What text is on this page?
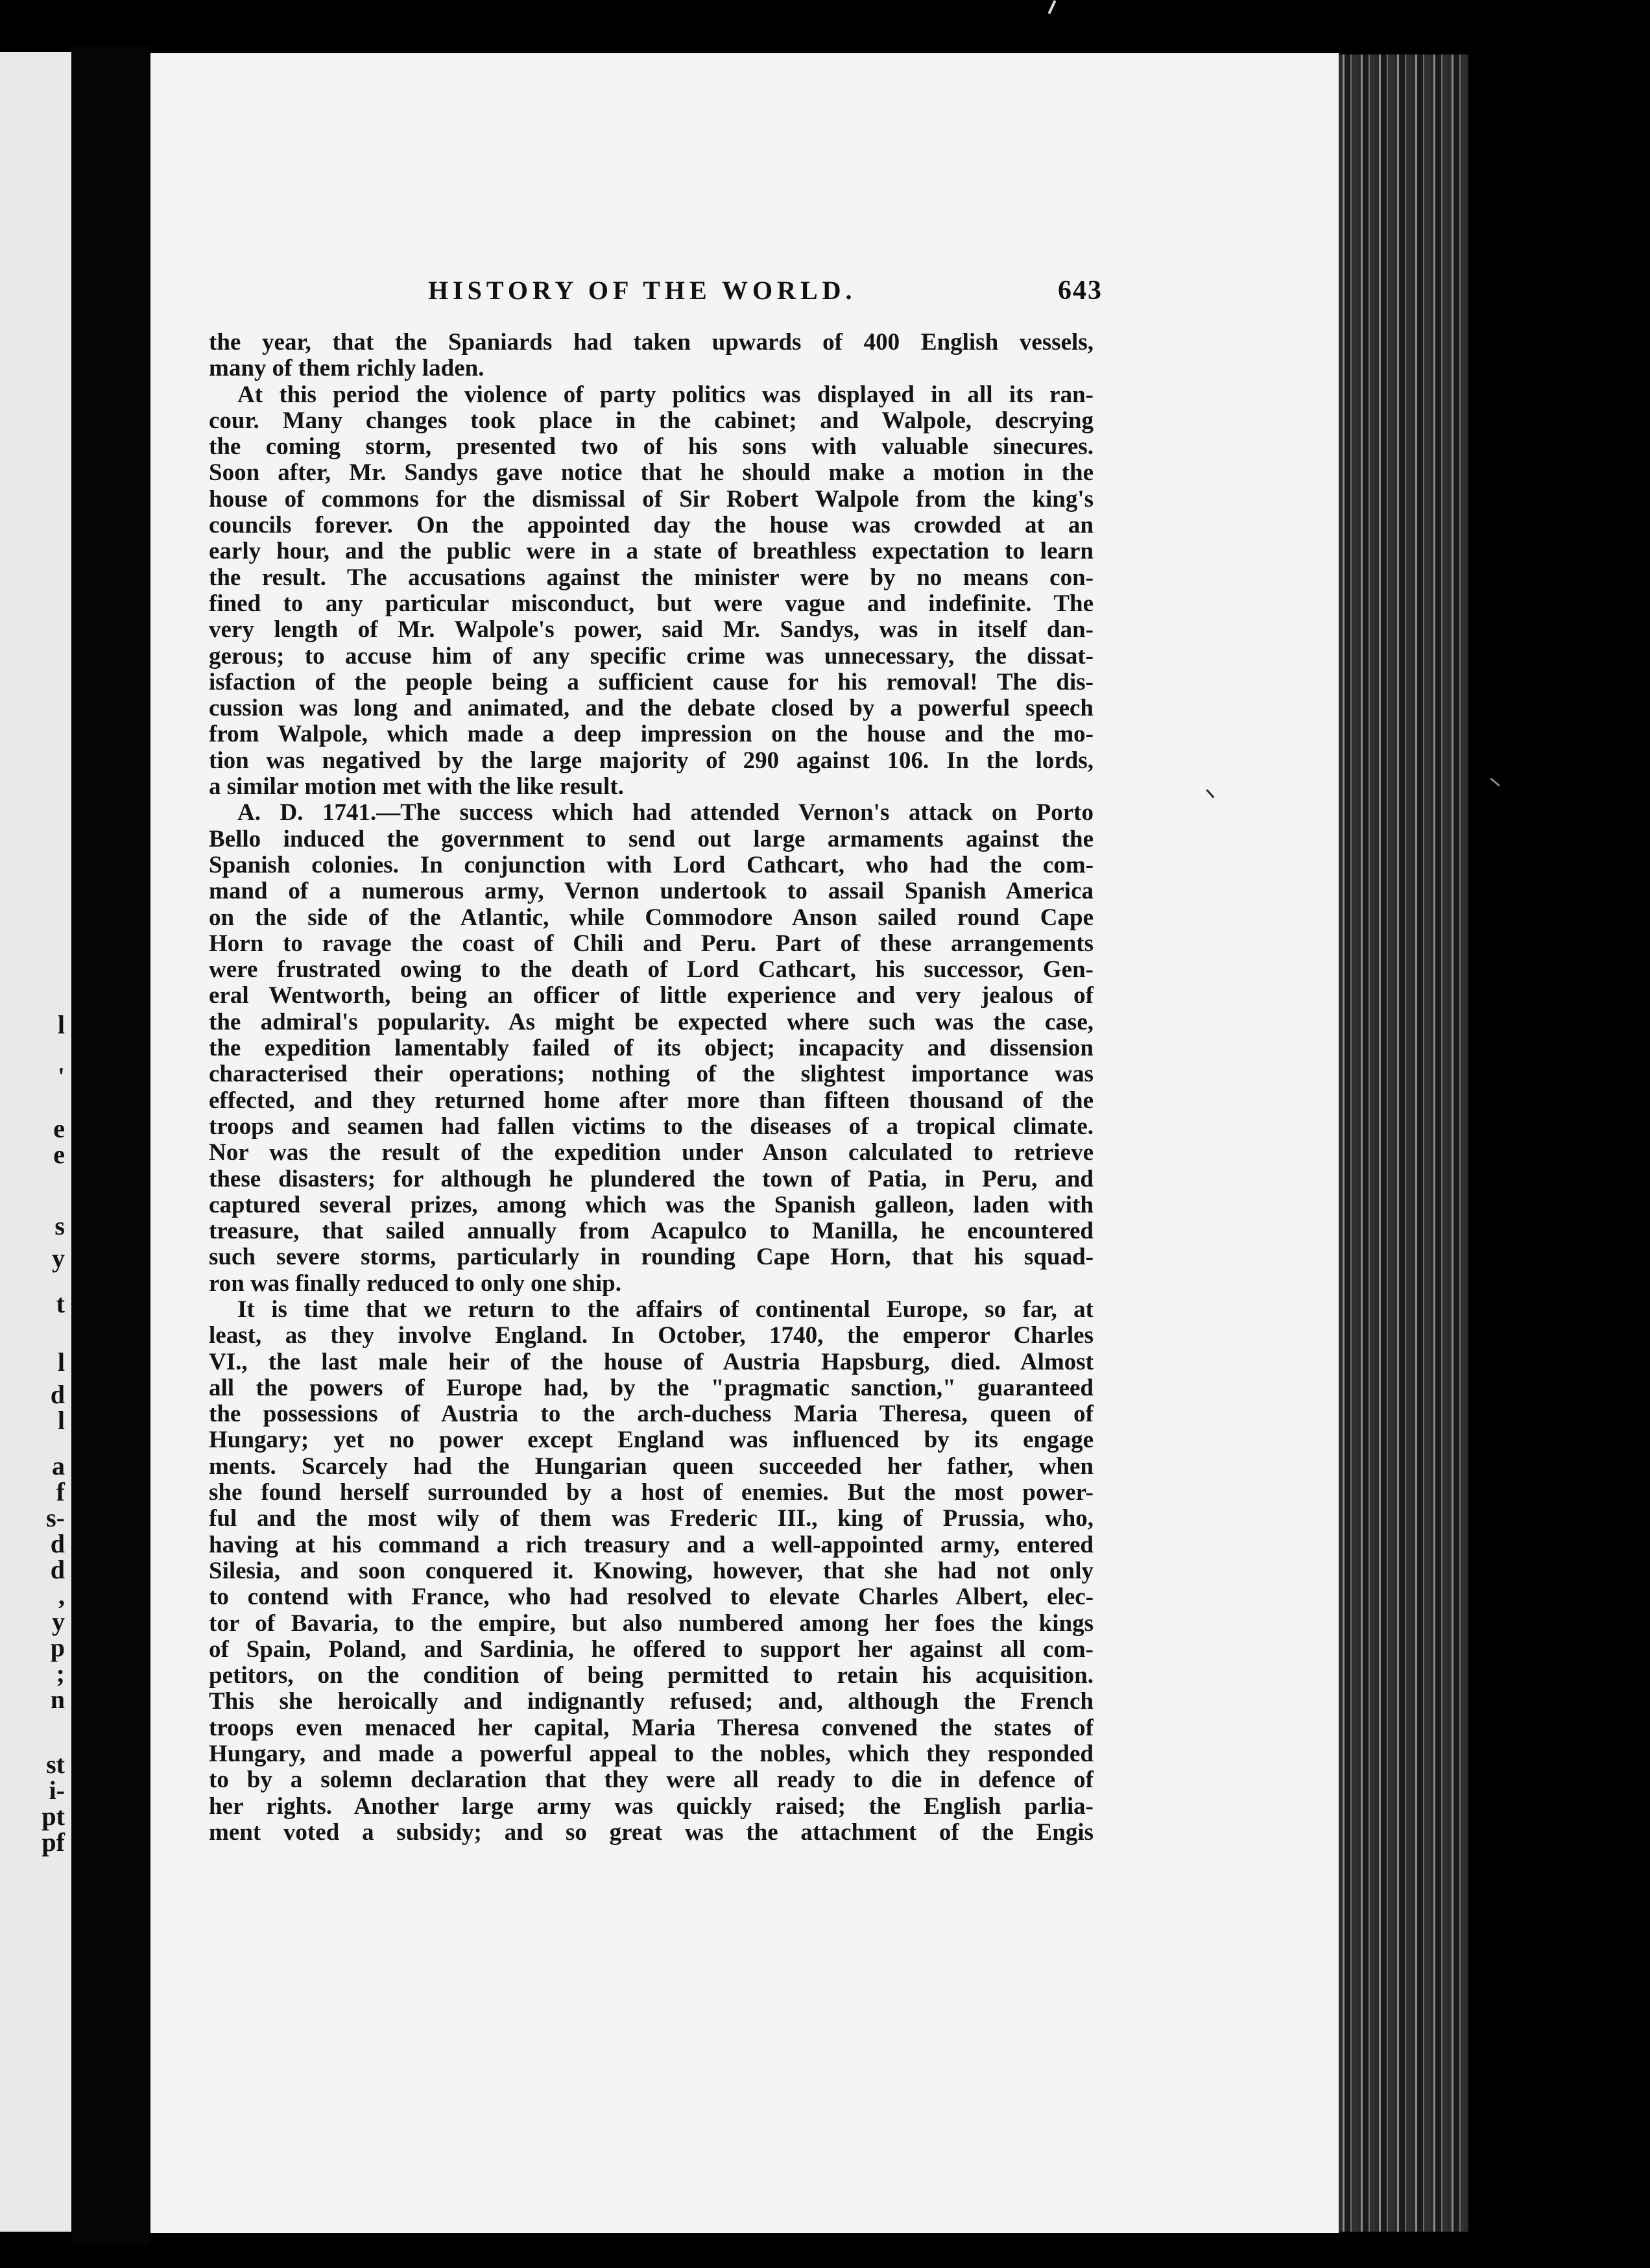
l
'
e
e
s
y
t
l
d
l
a
f
s-
d
d
,
y
p
;
n
st
i-
pt
pf
HISTORY OF THE WORLD.	643
the year, that the Spaniards had taken upwards of 400 English vessels,
many of them richly laden.
At this period the violence of party politics was displayed in all its ran-
cour. Many changes took place in the cabinet; and Walpole, descrying
the coming storm, presented two of his sons with valuable sinecures.
Soon after, Mr. Sandys gave notice that he should make a motion in the
house of commons for the dismissal of Sir Robert Walpole from the king's
councils forever. On the appointed day the house was crowded at an
early hour, and the public were in a state of breathless expectation to learn
the result. The accusations against the minister were by no means con-
fined to any particular misconduct, but were vague and indefinite. The
very length of Mr. Walpole's power, said Mr. Sandys, was in itself dan-
gerous; to accuse him of any specific crime was unnecessary, the dissat-
isfaction of the people being a sufficient cause for his removal! The dis-
cussion was long and animated, and the debate closed by a powerful speech
from Walpole, which made a deep impression on the house and the mo-
tion was negatived by the large majority of 290 against 106. In the lords,
a similar motion met with the like result.
A. D. 1741.—The success which had attended Vernon's attack on Porto
Bello induced the government to send out large armaments against the
Spanish colonies. In conjunction with Lord Cathcart, who had the com-
mand of a numerous army, Vernon undertook to assail Spanish America
on the side of the Atlantic, while Commodore Anson sailed round Cape
Horn to ravage the coast of Chili and Peru. Part of these arrangements
were frustrated owing to the death of Lord Cathcart, his successor, Gen-
eral Wentworth, being an officer of little experience and very jealous of
the admiral's popularity. As might be expected where such was the case,
the expedition lamentably failed of its object; incapacity and dissension
characterised their operations; nothing of the slightest importance was
effected, and they returned home after more than fifteen thousand of the
troops and seamen had fallen victims to the diseases of a tropical climate.
Nor was the result of the expedition under Anson calculated to retrieve
these disasters; for although he plundered the town of Patia, in Peru, and
captured several prizes, among which was the Spanish galleon, laden with
treasure, that sailed annually from Acapulco to Manilla, he encountered
such severe storms, particularly in rounding Cape Horn, that his squad-
ron was finally reduced to only one ship.
It is time that we return to the affairs of continental Europe, so far, at
least, as they involve England. In October, 1740, the emperor Charles
VI., the last male heir of the house of Austria Hapsburg, died. Almost
all the powers of Europe had, by the "pragmatic sanction," guaranteed
the possessions of Austria to the arch-duchess Maria Theresa, queen of
Hungary; yet no power except England was influenced by its engage
ments. Scarcely had the Hungarian queen succeeded her father, when
she found herself surrounded by a host of enemies. But the most power-
ful and the most wily of them was Frederic III., king of Prussia, who,
having at his command a rich treasury and a well-appointed army, entered
Silesia, and soon conquered it. Knowing, however, that she had not only
to contend with France, who had resolved to elevate Charles Albert, elec-
tor of Bavaria, to the empire, but also numbered among her foes the kings
of Spain, Poland, and Sardinia, he offered to support her against all com-
petitors, on the condition of being permitted to retain his acquisition.
This she heroically and indignantly refused; and, although the French
troops even menaced her capital, Maria Theresa convened the states of
Hungary, and made a powerful appeal to the nobles, which they responded
to by a solemn declaration that they were all ready to die in defence of
her rights. Another large army was quickly raised; the English parlia-
ment voted a subsidy; and so great was the attachment of the Engis
